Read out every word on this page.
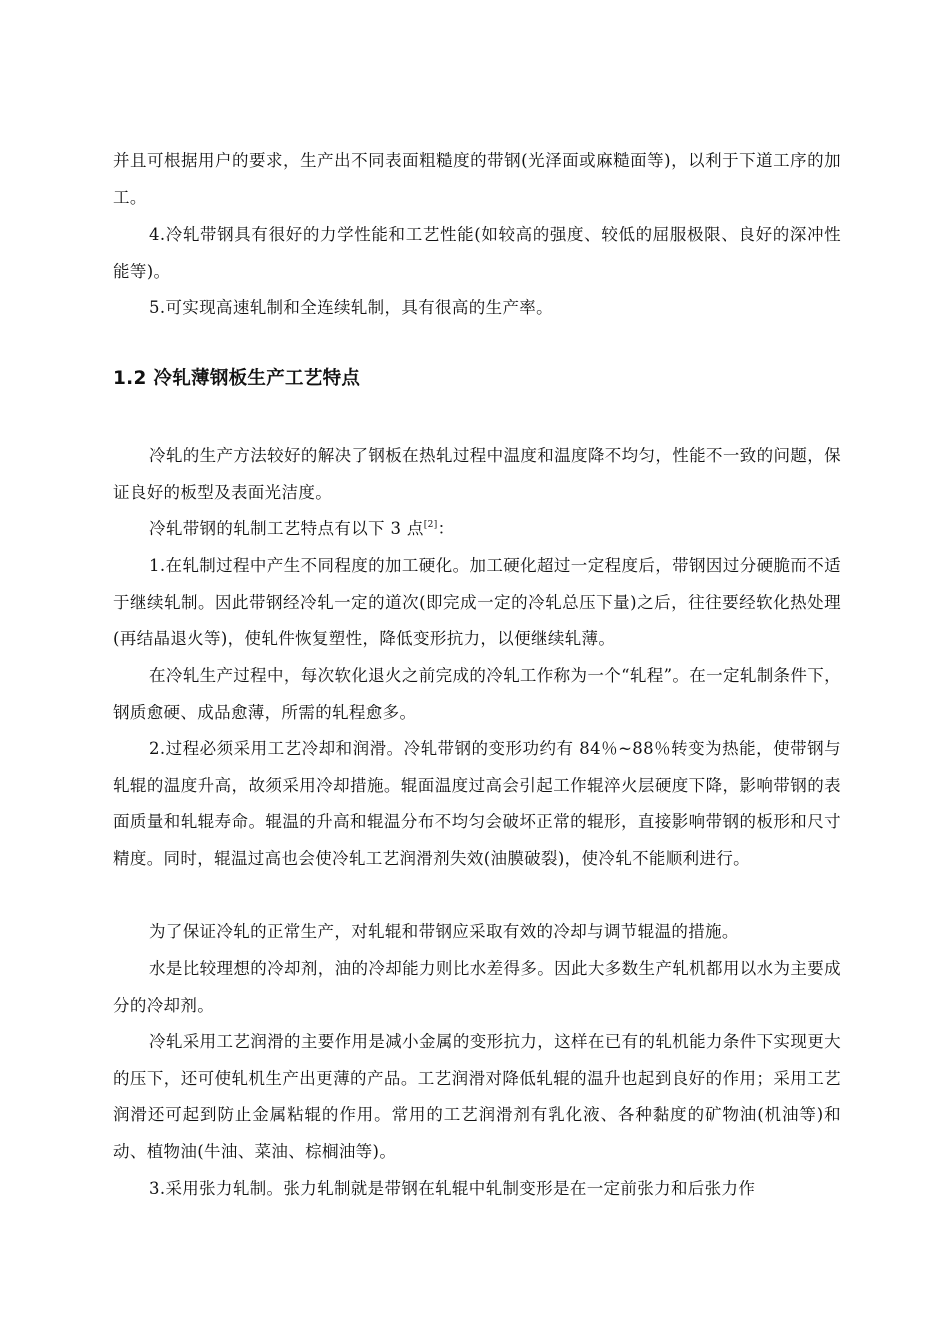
并且可根据用户的要求，生产出不同表面粗糙度的带钢(光泽面或麻糙面等)，以利于下道工序的加工。

4.冷轧带钢具有很好的力学性能和工艺性能(如较高的强度、较低的屈服极限、良好的深冲性能等)。

5.可实现高速轧制和全连续轧制，具有很高的生产率。

1.2 冷轧薄钢板生产工艺特点

冷轧的生产方法较好的解决了钢板在热轧过程中温度和温度降不均匀，性能不一致的问题，保证良好的板型及表面光洁度。

冷轧带钢的轧制工艺特点有以下 3 点[2]：

1.在轧制过程中产生不同程度的加工硬化。加工硬化超过一定程度后，带钢因过分硬脆而不适于继续轧制。因此带钢经冷轧一定的道次(即完成一定的冷轧总压下量)之后，往往要经软化热处理(再结晶退火等)，使轧件恢复塑性，降低变形抗力，以便继续轧薄。

在冷轧生产过程中，每次软化退火之前完成的冷轧工作称为一个“轧程”。在一定轧制条件下，钢质愈硬、成品愈薄，所需的轧程愈多。

2.过程必须采用工艺冷却和润滑。冷轧带钢的变形功约有 84％~88％转变为热能，使带钢与轧辊的温度升高，故须采用冷却措施。辊面温度过高会引起工作辊淬火层硬度下降，影响带钢的表面质量和轧辊寿命。辊温的升高和辊温分布不均匀会破坏正常的辊形，直接影响带钢的板形和尺寸精度。同时，辊温过高也会使冷轧工艺润滑剂失效(油膜破裂)，使冷轧不能顺利进行。

为了保证冷轧的正常生产，对轧辊和带钢应采取有效的冷却与调节辊温的措施。

水是比较理想的冷却剂，油的冷却能力则比水差得多。因此大多数生产轧机都用以水为主要成分的冷却剂。

冷轧采用工艺润滑的主要作用是减小金属的变形抗力，这样在已有的轧机能力条件下实现更大的压下，还可使轧机生产出更薄的产品。工艺润滑对降低轧辊的温升也起到良好的作用；采用工艺润滑还可起到防止金属粘辊的作用。常用的工艺润滑剂有乳化液、各种黏度的矿物油(机油等)和动、植物油(牛油、菜油、棕榈油等)。

3.采用张力轧制。张力轧制就是带钢在轧辊中轧制变形是在一定前张力和后张力作
